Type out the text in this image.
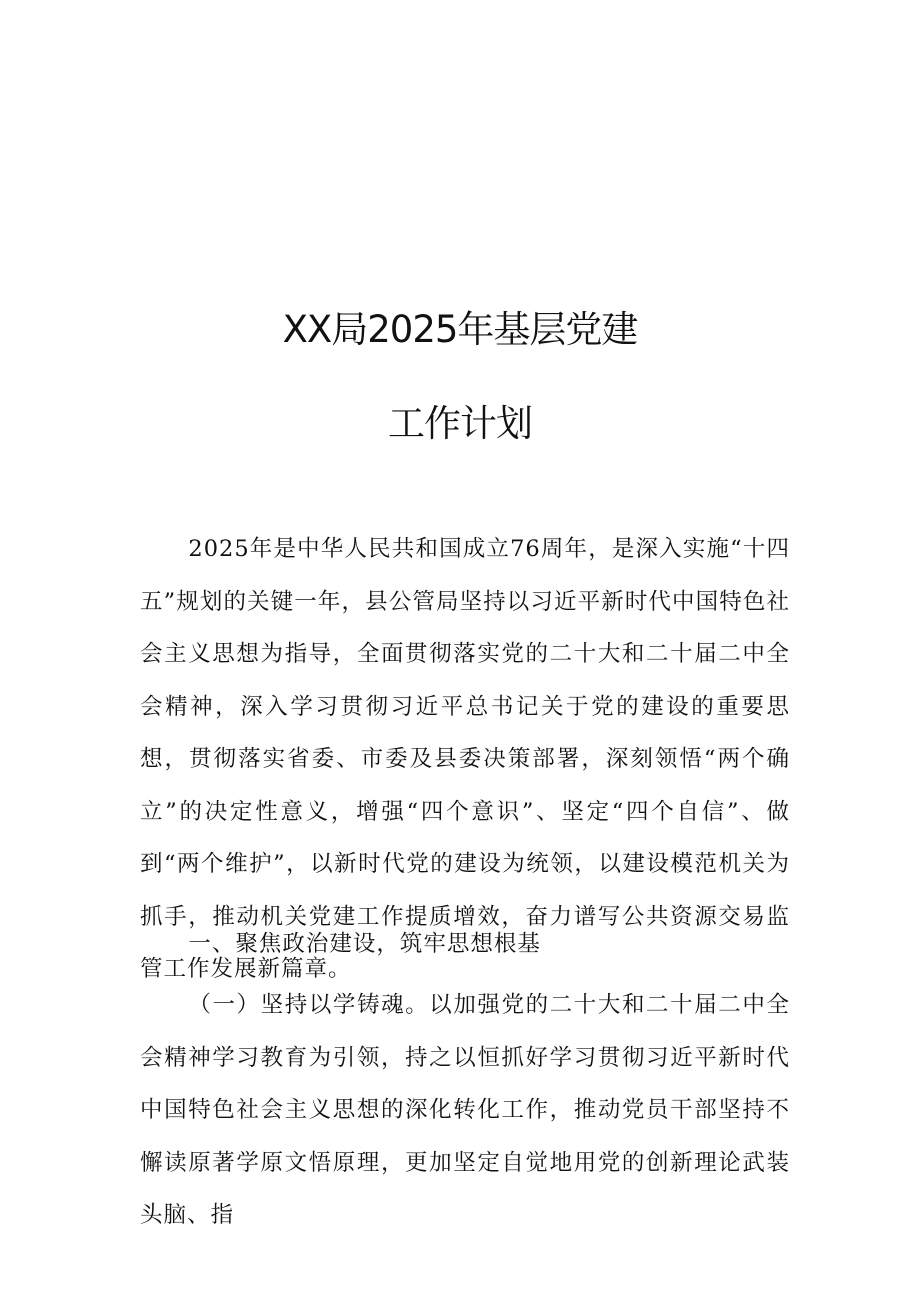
XX局2025年基层党建
工作计划

2025年是中华人民共和国成立76周年，是深入实施“十四五”规划的关键一年，县公管局坚持以习近平新时代中国特色社会主义思想为指导，全面贯彻落实党的二十大和二十届二中全会精神，深入学习贯彻习近平总书记关于党的建设的重要思想，贯彻落实省委、市委及县委决策部署，深刻领悟“两个确立”的决定性意义，增强“四个意识”、坚定“四个自信”、做到“两个维护”，以新时代党的建设为统领，以建设模范机关为抓手，推动机关党建工作提质增效，奋力谱写公共资源交易监管工作发展新篇章。

一、聚焦政治建设，筑牢思想根基

（一）坚持以学铸魂。以加强党的二十大和二十届二中全会精神学习教育为引领，持之以恒抓好学习贯彻习近平新时代中国特色社会主义思想的深化转化工作，推动党员干部坚持不懈读原著学原文悟原理，更加坚定自觉地用党的创新理论武装头脑、指
